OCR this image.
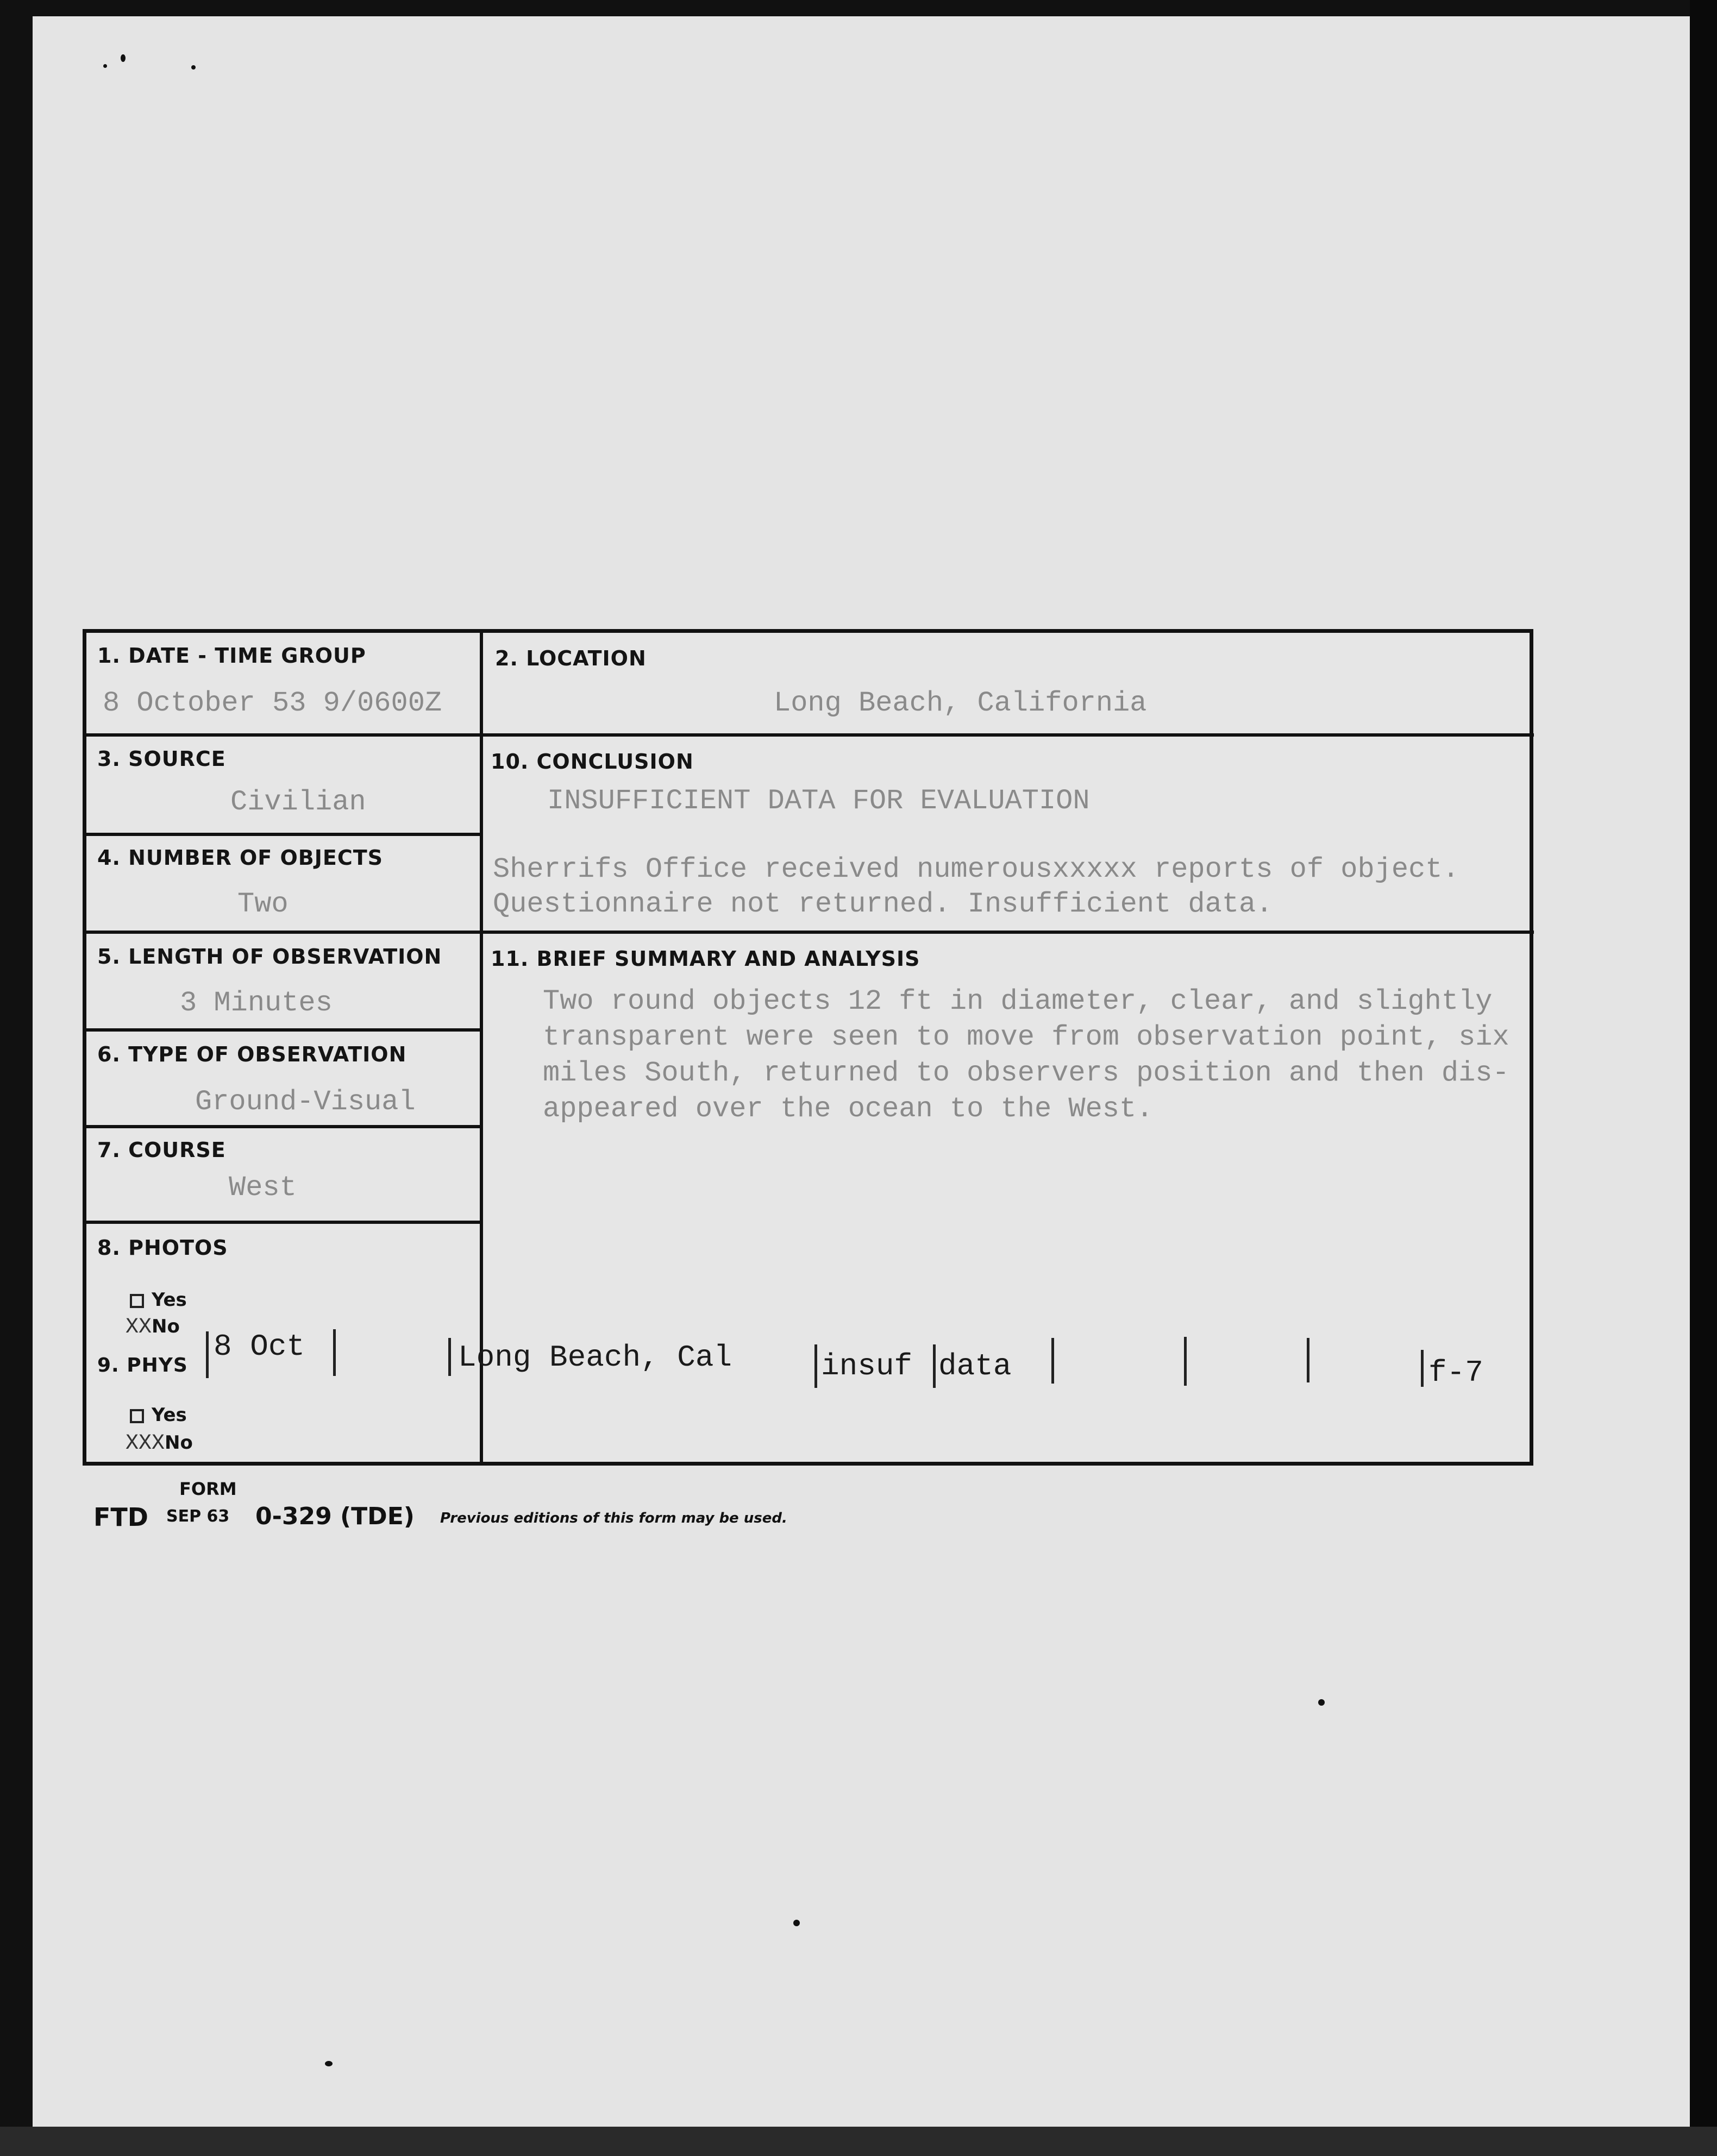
1. DATE - TIME GROUP
8 October 53 9/0600Z
2. LOCATION
Long Beach, California
3. SOURCE
Civilian
4. NUMBER OF OBJECTS
Two
5. LENGTH OF OBSERVATION
3 Minutes
6. TYPE OF OBSERVATION
Ground-Visual
7. COURSE
West
8. PHOTOS
Yes
XXNo
9. PHYS
Yes
XXXNo
10. CONCLUSION
INSUFFICIENT DATA FOR EVALUATION
Sherrifs Office received numerousxxxxx reports of object.
Questionnaire not returned. Insufficient data.
11. BRIEF SUMMARY AND ANALYSIS
Two round objects 12 ft in diameter, clear, and slightly
transparent were seen to move from observation point, six
miles South, returned to observers position and then dis-
appeared over the ocean to the West.
8 Oct	Long Beach, Cal	insuf data	f-7
FORM
FTD SEP 63 0-329 (TDE) Previous editions of this form may be used.
